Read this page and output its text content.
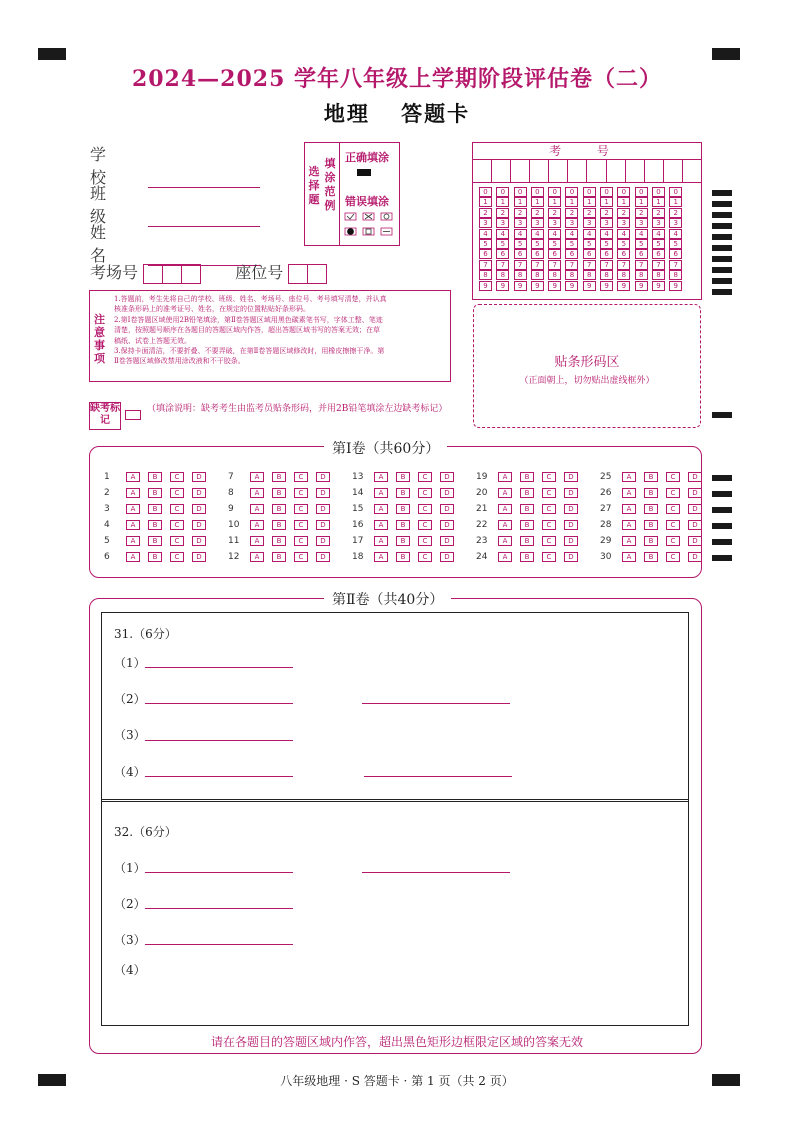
2024—2025 学年八年级上学期阶段评估卷（二）
地理 答题卡
学 校
班 级
姓 名
考场号	座位号
选择题
填涂范例
正确填涂
错误填涂
考 号
0	0	0	0	0	0	0	0	0	0	0	0
1	1	1	1	1	1	1	1	1	1	1	1
2	2	2	2	2	2	2	2	2	2	2	2
3	3	3	3	3	3	3	3	3	3	3	3
4	4	4	4	4	4	4	4	4	4	4	4
5	5	5	5	5	5	5	5	5	5	5	5
6	6	6	6	6	6	6	6	6	6	6	6
7	7	7	7	7	7	7	7	7	7	7	7
8	8	8	8	8	8	8	8	8	8	8	8
9	9	9	9	9	9	9	9	9	9	9	9
注意事项
1.答题前，考生先将自己的学校、班级、姓名、考场号、座位号、考号填写清楚，并认真
核准条形码上的准考证号、姓名，在规定的位置粘贴好条形码。
2.第Ⅰ卷答题区域使用2B铅笔填涂，第Ⅱ卷答题区域用黑色碳素笔书写，字体工整、笔迹
清楚，按照题号顺序在各题目的答题区域内作答，超出答题区域书写的答案无效；在草
稿纸、试卷上答题无效。
3.保持卡面清洁，不要折叠、不要弄破，在第Ⅱ卷答题区域修改时，用橡皮擦擦干净。第
Ⅱ卷答题区域修改禁用涂改液和不干胶条。	贴条形码区
（正面朝上，切勿贴出虚线框外）
缺考标记
（填涂说明：缺考考生由监考员贴条形码，并用2B铅笔填涂左边缺考标记）
第Ⅰ卷（共60分）
1	A	B	C	D
2	A	B	C	D
3	A	B	C	D
4	A	B	C	D
5	A	B	C	D
6	A	B	C	D
7	A	B	C	D
8	A	B	C	D
9	A	B	C	D
10	A	B	C	D
11	A	B	C	D
12	A	B	C	D
13	A	B	C	D
14	A	B	C	D
15	A	B	C	D
16	A	B	C	D
17	A	B	C	D
18	A	B	C	D
19	A	B	C	D
20	A	B	C	D
21	A	B	C	D
22	A	B	C	D
23	A	B	C	D
24	A	B	C	D
25	A	B	C	D
26	A	B	C	D
27	A	B	C	D
28	A	B	C	D
29	A	B	C	D
30	A	B	C	D
第Ⅱ卷（共40分）
31.（6分）
（1）
（2）
（3）
（4）
32.（6分）
（1）
（2）
（3）
（4）
请在各题目的答题区域内作答，超出黑色矩形边框限定区域的答案无效
八年级地理 · S 答题卡 · 第 1 页（共 2 页）
